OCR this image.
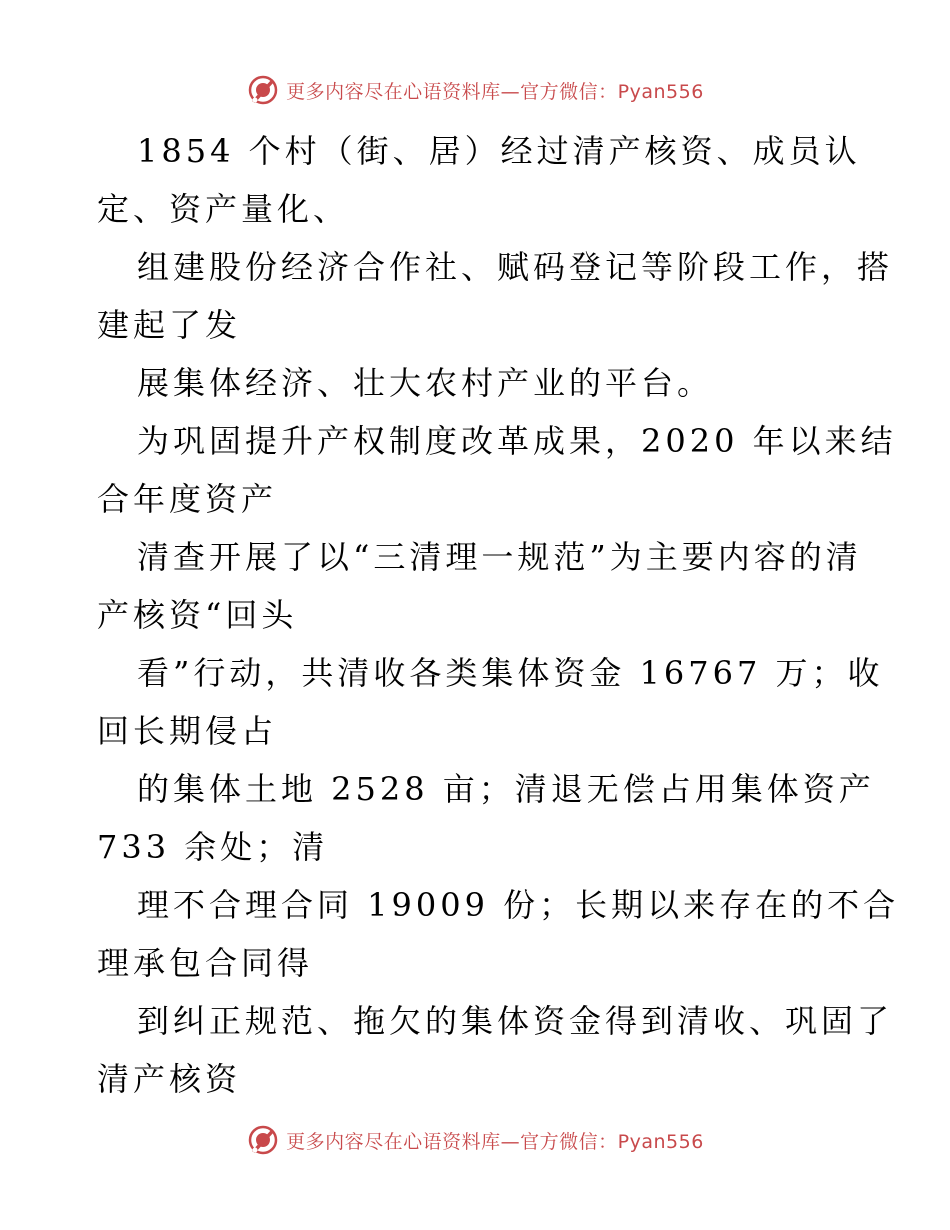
更多内容尽在心语资料库—官方微信：Pyan556
1854 个村（街、居）经过清产核资、成员认
定、资产量化、
组建股份经济合作社、赋码登记等阶段工作，搭
建起了发
展集体经济、壮大农村产业的平台。
为巩固提升产权制度改革成果，2020 年以来结
合年度资产
清查开展了以“三清理一规范”为主要内容的清
产核资“回头
看”行动，共清收各类集体资金 16767 万；收
回长期侵占
的集体土地 2528 亩；清退无偿占用集体资产
733 余处；清
理不合理合同 19009 份；长期以来存在的不合
理承包合同得
到纠正规范、拖欠的集体资金得到清收、巩固了
清产核资
更多内容尽在心语资料库—官方微信：Pyan556
